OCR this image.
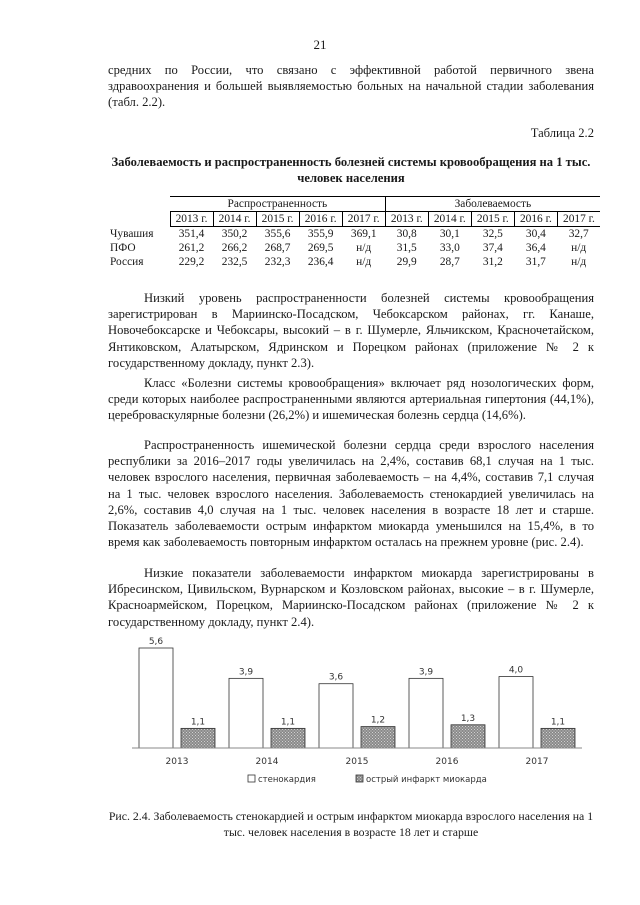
21

средних по России, что связано с эффективной работой первичного звена здравоохранения и большей выявляемостью больных на начальной стадии заболевания (табл. 2.2).

Таблица 2.2
Заболеваемость и распространенность болезней системы кровообращения на 1 тыс. человек населения
	Распространенность					Заболеваемость				
	2013 г.	2014 г.	2015 г.	2016 г.	2017 г.	2013 г.	2014 г.	2015 г.	2016 г.	2017 г.
Чувашия	351,4	350,2	355,6	355,9	369,1	30,8	30,1	32,5	30,4	32,7
ПФО	261,2	266,2	268,7	269,5	н/д	31,5	33,0	37,4	36,4	н/д
Россия	229,2	232,5	232,3	236,4	н/д	29,9	28,7	31,2	31,7	н/д

Низкий уровень распространенности болезней системы кровообращения зарегистрирован в Мариинско-Посадском, Чебоксарском районах, гг. Канаше, Новочебоксарске и Чебоксары, высокий – в г. Шумерле, Яльчикском, Красночетайском, Янтиковском, Алатырском, Ядринском и Порецком районах (приложение № 2 к государственному докладу, пункт 2.3).

Класс «Болезни системы кровообращения» включает ряд нозологических форм, среди которых наиболее распространенными являются артериальная гипертония (44,1%), цереброваскулярные болезни (26,2%) и ишемическая болезнь сердца (14,6%).

Распространенность ишемической болезни сердца среди взрослого населения республики за 2016–2017 годы увеличилась на 2,4%, составив 68,1 случая на 1 тыс. человек взрослого населения, первичная заболеваемость – на 4,4%, составив 7,1 случая на 1 тыс. человек взрослого населения. Заболеваемость стенокардией увеличилась на 2,6%, составив 4,0 случая на 1 тыс. человек населения в возрасте 18 лет и старше. Показатель заболеваемости острым инфарктом миокарда уменьшился на 15,4%, в то время как заболеваемость повторным инфарктом осталась на прежнем уровне (рис. 2.4).

Низкие показатели заболеваемости инфарктом миокарда зарегистрированы в Ибресинском, Цивильском, Вурнарском и Козловском районах, высокие – в г. Шумерле, Красноармейском, Порецком, Мариинско-Посадском районах (приложение № 2 к государственному докладу, пункт 2.4).

5,6
1,1
3,9
1,1
3,6
1,2
3,9
1,3
4,0
1,1
2013	2014	2015	2016	2017
стенокардия	острый инфаркт миокарда
Рис. 2.4. Заболеваемость стенокардией и острым инфарктом миокарда взрослого населения на 1 тыс. человек населения в возрасте 18 лет и старше
